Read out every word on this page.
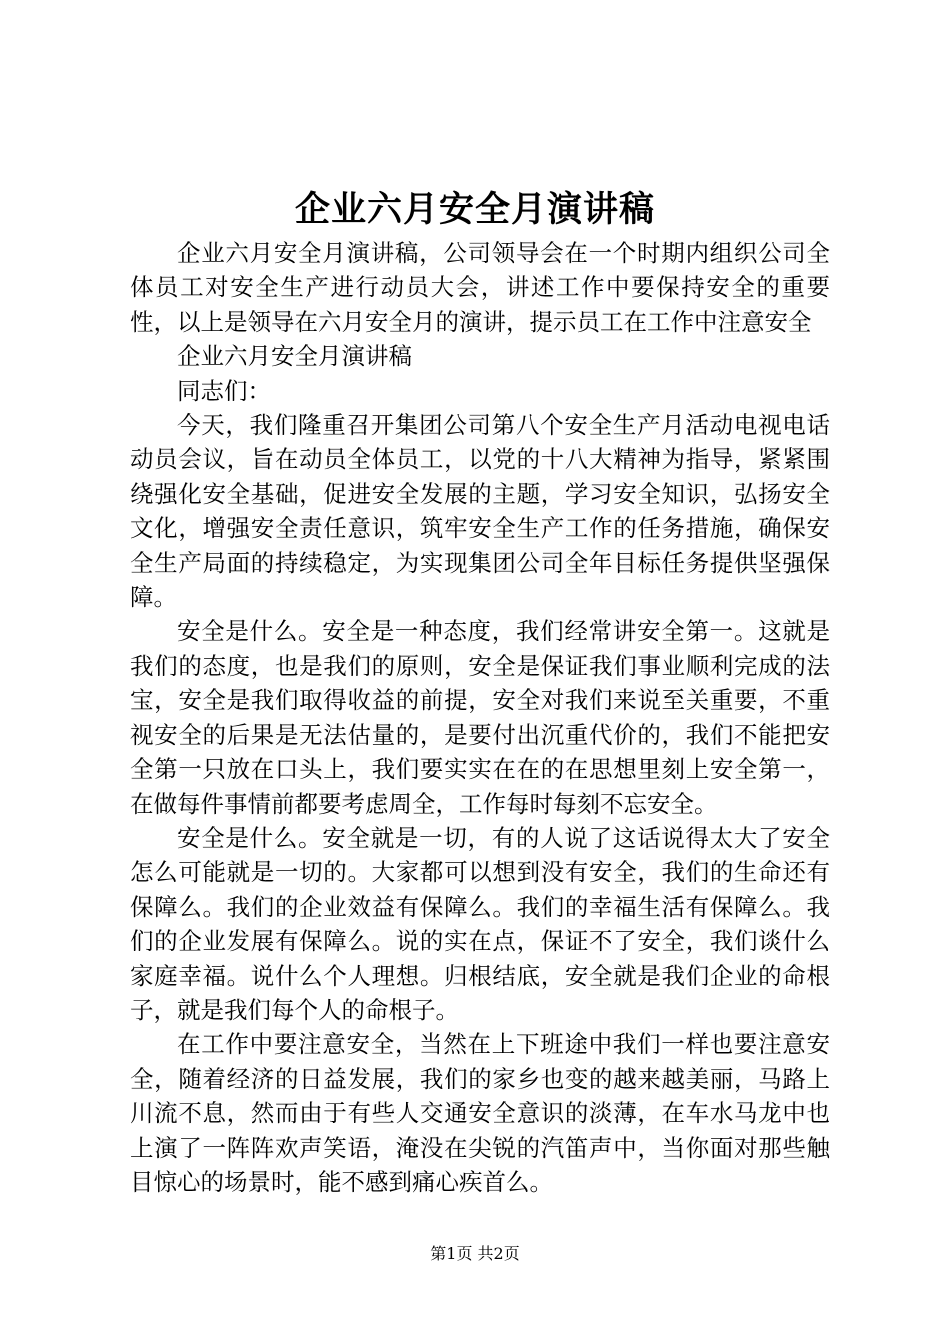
企业六月安全月演讲稿

企业六月安全月演讲稿，公司领导会在一个时期内组织公司全体员工对安全生产进行动员大会，讲述工作中要保持安全的重要性，以上是领导在六月安全月的演讲，提示员工在工作中注意安全

企业六月安全月演讲稿

同志们：

今天，我们隆重召开集团公司第八个安全生产月活动电视电话动员会议，旨在动员全体员工，以党的十八大精神为指导，紧紧围绕强化安全基础，促进安全发展的主题，学习安全知识，弘扬安全文化，增强安全责任意识，筑牢安全生产工作的任务措施，确保安全生产局面的持续稳定，为实现集团公司全年目标任务提供坚强保障。

安全是什么。安全是一种态度，我们经常讲安全第一。这就是我们的态度，也是我们的原则，安全是保证我们事业顺利完成的法宝，安全是我们取得收益的前提，安全对我们来说至关重要，不重视安全的后果是无法估量的，是要付出沉重代价的，我们不能把安全第一只放在口头上，我们要实实在在的在思想里刻上安全第一，在做每件事情前都要考虑周全，工作每时每刻不忘安全。

安全是什么。安全就是一切，有的人说了这话说得太大了安全怎么可能就是一切的。大家都可以想到没有安全，我们的生命还有保障么。我们的企业效益有保障么。我们的幸福生活有保障么。我们的企业发展有保障么。说的实在点，保证不了安全，我们谈什么家庭幸福。说什么个人理想。归根结底，安全就是我们企业的命根子，就是我们每个人的命根子。

在工作中要注意安全，当然在上下班途中我们一样也要注意安全，随着经济的日益发展，我们的家乡也变的越来越美丽，马路上川流不息，然而由于有些人交通安全意识的淡薄，在车水马龙中也上演了一阵阵欢声笑语，淹没在尖锐的汽笛声中，当你面对那些触目惊心的场景时，能不感到痛心疾首么。

第1页 共2页
